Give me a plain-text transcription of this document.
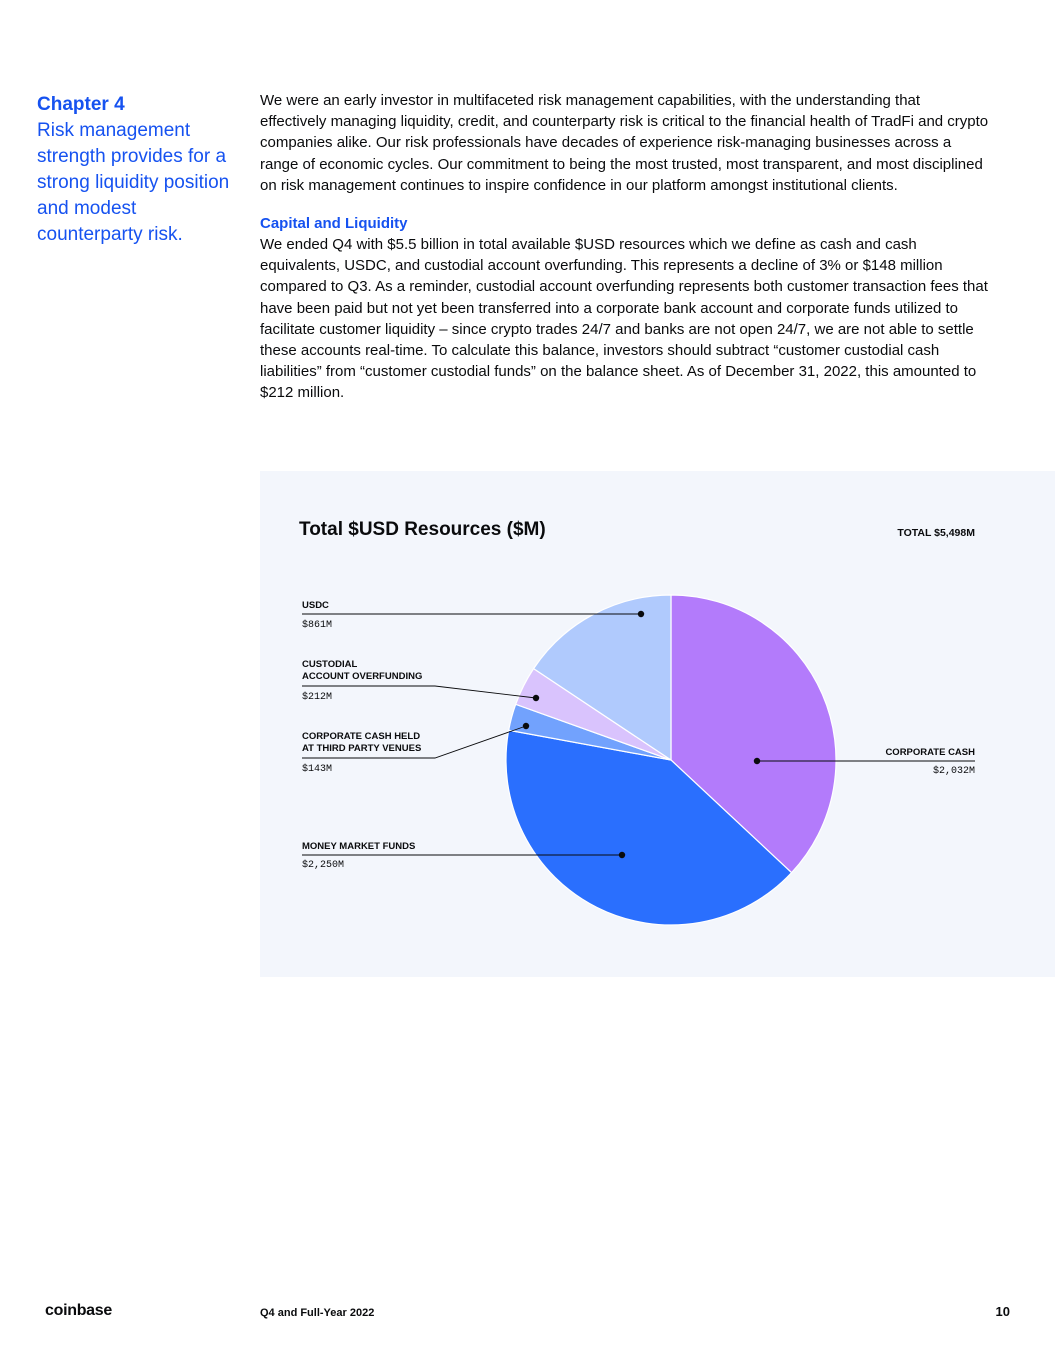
Chapter 4
Risk management strength provides for a strong liquidity position and modest counterparty risk.

We were an early investor in multifaceted risk management capabilities, with the understanding that effectively managing liquidity, credit, and counterparty risk is critical to the financial health of TradFi and crypto companies alike. Our risk professionals have decades of experience risk-managing businesses across a range of economic cycles. Our commitment to being the most trusted, most transparent, and most disciplined on risk management continues to inspire confidence in our platform amongst institutional clients.

Capital and Liquidity

We ended Q4 with $5.5 billion in total available $USD resources which we define as cash and cash equivalents, USDC, and custodial account overfunding. This represents a decline of 3% or $148 million compared to Q3. As a reminder, custodial account overfunding represents both customer transaction fees that have been paid but not yet been transferred into a corporate bank account and corporate funds utilized to facilitate customer liquidity – since crypto trades 24/7 and banks are not open 24/7, we are not able to settle these accounts real-time. To calculate this balance, investors should subtract “customer custodial cash liabilities” from “customer custodial funds” on the balance sheet. As of December 31, 2022, this amounted to $212 million.

Total $USD Resources ($M)	TOTAL $5,498M
CORPORATE CASH
$2,032M
MONEY MARKET FUNDS
$2,250M
CORPORATE CASH HELD
AT THIRD PARTY VENUES
$143M
CUSTODIAL
ACCOUNT OVERFUNDING
$212M
USDC
$861M
coinbase	Q4 and Full-Year 2022	10
